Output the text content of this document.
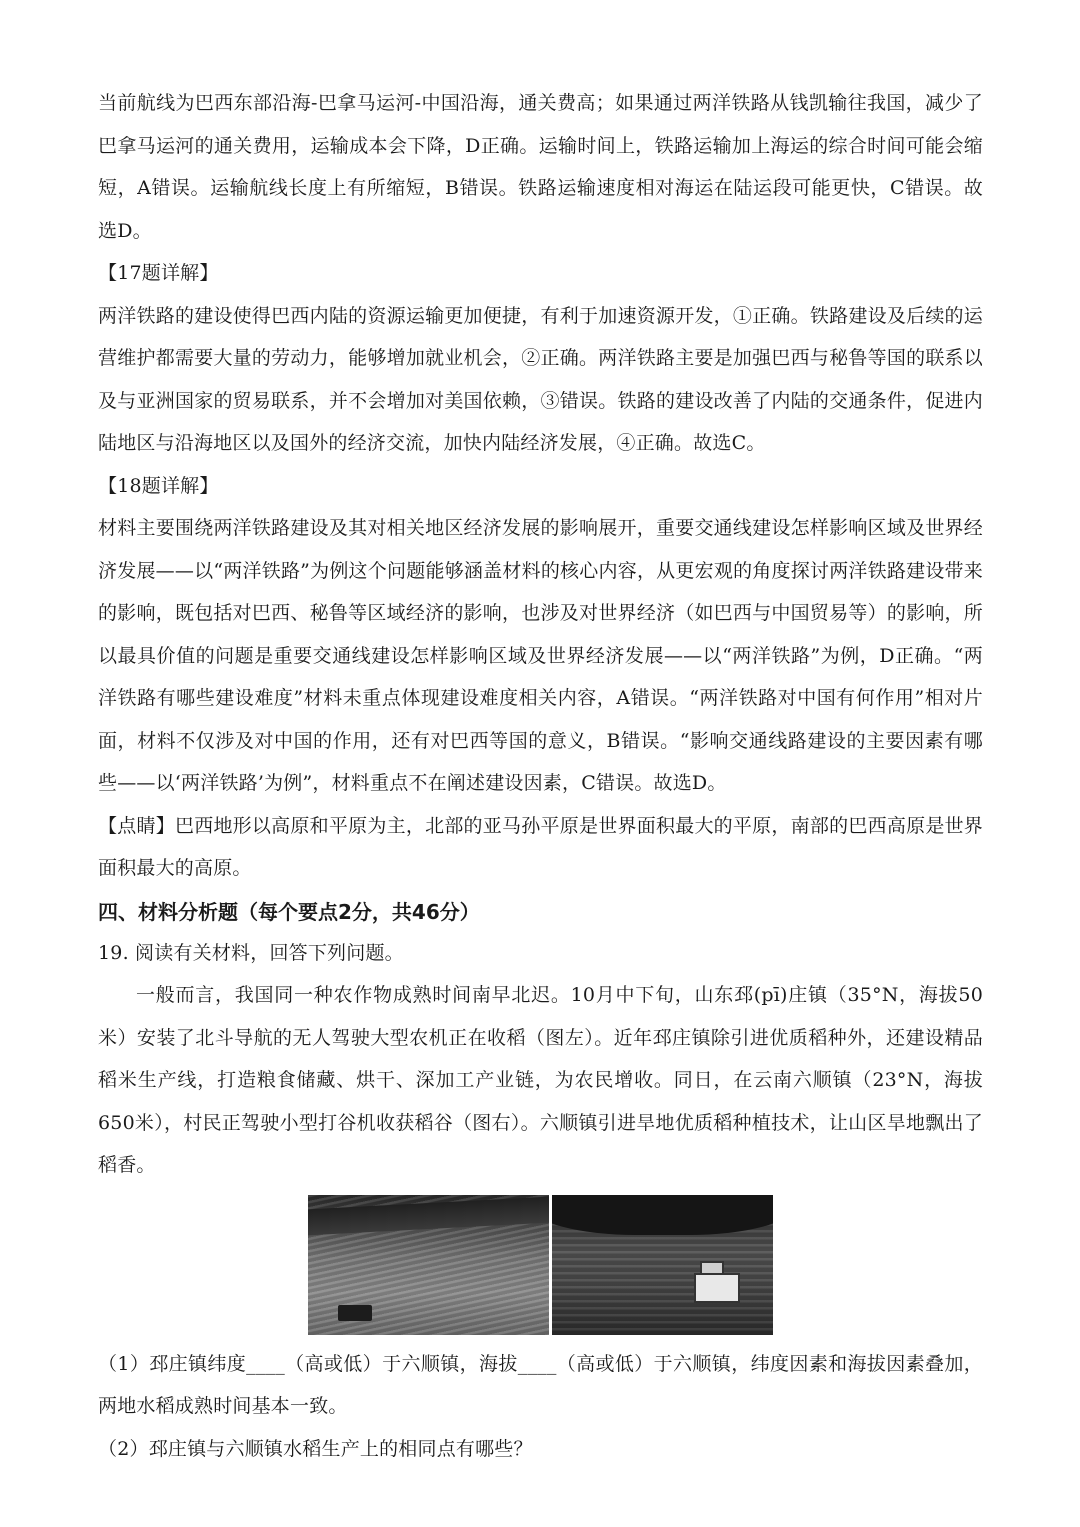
当前航线为巴西东部沿海-巴拿马运河-中国沿海，通关费高；如果通过两洋铁路从钱凯输往我国，减少了巴拿马运河的通关费用，运输成本会下降，D正确。运输时间上，铁路运输加上海运的综合时间可能会缩短，A错误。运输航线长度上有所缩短，B错误。铁路运输速度相对海运在陆运段可能更快，C错误。故选D。

【17题详解】

两洋铁路的建设使得巴西内陆的资源运输更加便捷，有利于加速资源开发，①正确。铁路建设及后续的运营维护都需要大量的劳动力，能够增加就业机会，②正确。两洋铁路主要是加强巴西与秘鲁等国的联系以及与亚洲国家的贸易联系，并不会增加对美国依赖，③错误。铁路的建设改善了内陆的交通条件，促进内陆地区与沿海地区以及国外的经济交流，加快内陆经济发展，④正确。故选C。

【18题详解】

材料主要围绕两洋铁路建设及其对相关地区经济发展的影响展开，重要交通线建设怎样影响区域及世界经济发展——以“两洋铁路”为例这个问题能够涵盖材料的核心内容，从更宏观的角度探讨两洋铁路建设带来的影响，既包括对巴西、秘鲁等区域经济的影响，也涉及对世界经济（如巴西与中国贸易等）的影响，所以最具价值的问题是重要交通线建设怎样影响区域及世界经济发展——以“两洋铁路”为例，D正确。“两洋铁路有哪些建设难度”材料未重点体现建设难度相关内容，A错误。“两洋铁路对中国有何作用”相对片面，材料不仅涉及对中国的作用，还有对巴西等国的意义，B错误。“影响交通线路建设的主要因素有哪些——以‘两洋铁路’为例”，材料重点不在阐述建设因素，C错误。故选D。

【点睛】巴西地形以高原和平原为主，北部的亚马孙平原是世界面积最大的平原，南部的巴西高原是世界面积最大的高原。

四、材料分析题（每个要点2分，共46分）

19. 阅读有关材料，回答下列问题。

一般而言，我国同一种农作物成熟时间南早北迟。10月中下旬，山东邳(pī)庄镇（35°N，海拔50米）安装了北斗导航的无人驾驶大型农机正在收稻（图左）。近年邳庄镇除引进优质稻种外，还建设精品稻米生产线，打造粮食储藏、烘干、深加工产业链，为农民增收。同日，在云南六顺镇（23°N，海拔650米），村民正驾驶小型打谷机收获稻谷（图右）。六顺镇引进旱地优质稻种植技术，让山区旱地飘出了稻香。

（1）邳庄镇纬度____（高或低）于六顺镇，海拔____（高或低）于六顺镇，纬度因素和海拔因素叠加，两地水稻成熟时间基本一致。

（2）邳庄镇与六顺镇水稻生产上的相同点有哪些？
